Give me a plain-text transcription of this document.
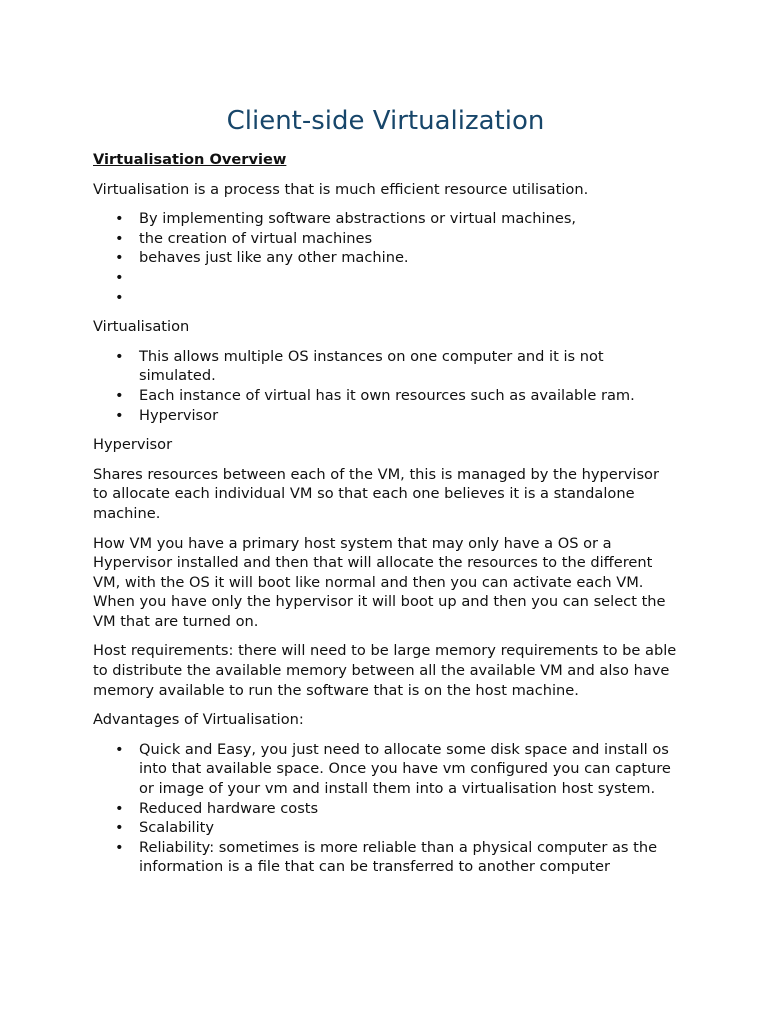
Client-side Virtualization
Virtualisation Overview

Virtualisation is a process that is much efficient resource utilisation.

• By implementing software abstractions or virtual machines,
• the creation of virtual machines
• behaves just like any other machine.
•
•

Virtualisation

• This allows multiple OS instances on one computer and it is not simulated.
• Each instance of virtual has it own resources such as available ram.
• Hypervisor

Hypervisor

Shares resources between each of the VM, this is managed by the hypervisor to allocate each individual VM so that each one believes it is a standalone machine.

How VM you have a primary host system that may only have a OS or a Hypervisor installed and then that will allocate the resources to the different VM, with the OS it will boot like normal and then you can activate each VM. When you have only the hypervisor it will boot up and then you can select the VM that are turned on.

Host requirements: there will need to be large memory requirements to be able to distribute the available memory between all the available VM and also have memory available to run the software that is on the host machine.

Advantages of Virtualisation:

• Quick and Easy, you just need to allocate some disk space and install os into that available space. Once you have vm configured you can capture or image of your vm and install them into a virtualisation host system.
• Reduced hardware costs
• Scalability
• Reliability: sometimes is more reliable than a physical computer as the information is a file that can be transferred to another computer
